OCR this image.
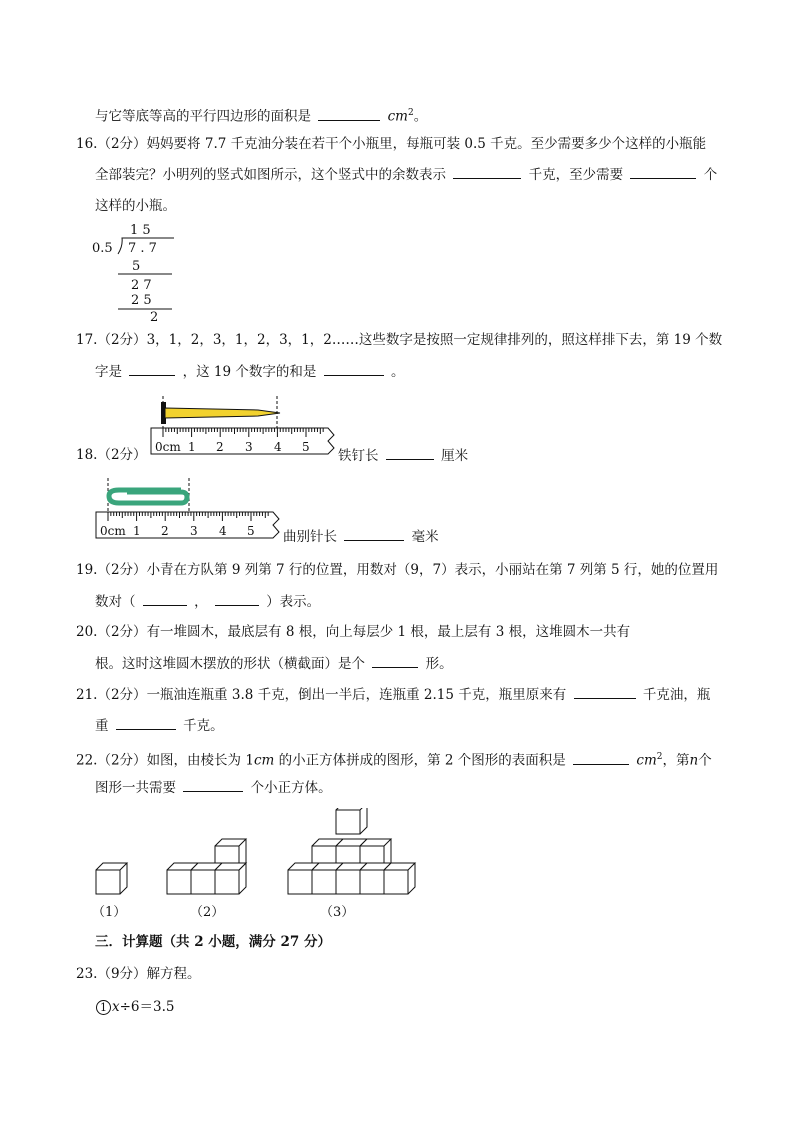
与它等底等高的平行四边形的面积是	$cm^2$。
16.（2分）妈妈要将 7.7 千克油分装在若干个小瓶里，每瓶可装 0.5 千克。至少需要多少个这样的小瓶能
全部装完？小明列的竖式如图所示，这个竖式中的余数表示	千克，至少需要	个
这样的小瓶。
1 5
0.5 7 . 7
5
2 7
2 5
2
17.（2分）3，1，2，3，1，2，3，1，2……这些数字是按照一定规律排列的，照这样排下去，第 19 个数
字是	，这 19 个数字的和是	。
0cm 1 2 3 4 5
18.（2分）	铁钉长	厘米
0cm 1 2 3 4 5 曲别针长	毫米
19.（2分）小青在方队第 9 列第 7 行的位置，用数对（9，7）表示，小丽站在第 7 列第 5 行，她的位置用
数对（	，	）表示。
20.（2分）有一堆圆木，最底层有 8 根，向上每层少 1 根，最上层有 3 根，这堆圆木一共有
根。这时这堆圆木摆放的形状（横截面）是个	形。
21.（2分）一瓶油连瓶重 3.8 千克，倒出一半后，连瓶重 2.15 千克，瓶里原来有	千克油，瓶
重	千克。
22.（2分）如图，由棱长为 1cm 的小正方体拼成的图形，第 2 个图形的表面积是	$cm^2$，第n个
图形一共需要	个小正方体。
（1）	（2）	（3）
三．计算题（共 2 小题，满分 27 分）
23.（9分）解方程。
1 x÷6＝3.5
